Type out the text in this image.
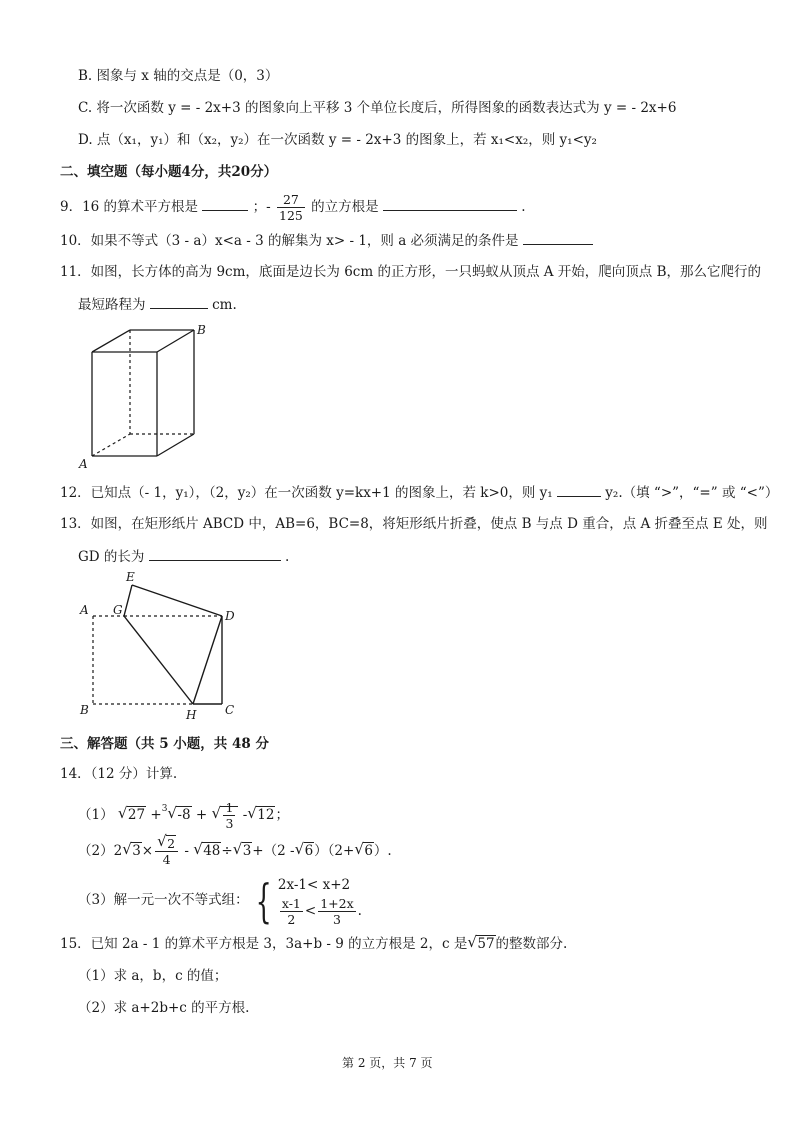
B. 图象与 x 轴的交点是（0，3）
C. 将一次函数 y = - 2x+3 的图象向上平移 3 个单位长度后，所得图象的函数表达式为 y = - 2x+6
D. 点（x₁，y₁）和（x₂，y₂）在一次函数 y = - 2x+3 的图象上，若 x₁<x₂，则 y₁<y₂
二、填空题（每小题4分，共20分）
9．16 的算术平方根是	；- $\frac{27}{125}$ 的立方根是	.
10．如果不等式（3 - a）x<a - 3 的解集为 x> - 1，则 a 必须满足的条件是
11．如图，长方体的高为 9cm，底面是边长为 6cm 的正方形，一只蚂蚁从顶点 A 开始，爬向顶点 B，那么它爬行的
最短路程为	cm.
B
A
12．已知点（- 1，y₁），（2，y₂）在一次函数 y=kx+1 的图象上，若 k>0，则 y₁	y₂.（填 “>”，“=” 或 “<”）
13．如图，在矩形纸片 ABCD 中，AB=6，BC=8，将矩形纸片折叠，使点 B 与点 D 重合，点 A 折叠至点 E 处，则
GD 的长为	.
A G
E
D
B	H C
三、解答题（共 5 小题，共 48 分
14．（12 分）计算.
（1） √ 27 +$^3$ √ -8 + √ $\frac{1}{3}$ - √ 12；
（2）2 √ 3× √ $\frac{2}{4}$ - √ 48÷ √ 3+（2 - √ 6）（2+ √ 6）.
（3）解一元一次不等式组： { 2x-1< x+2
$\frac{x-1}{2} < \frac{1+2x}{3}$ .
15．已知 2a - 1 的算术平方根是 3，3a+b - 9 的立方根是 2，c 是 √ 57的整数部分.
（1）求 a，b，c 的值；
（2）求 a+2b+c 的平方根.
第 2 页，共 7 页
